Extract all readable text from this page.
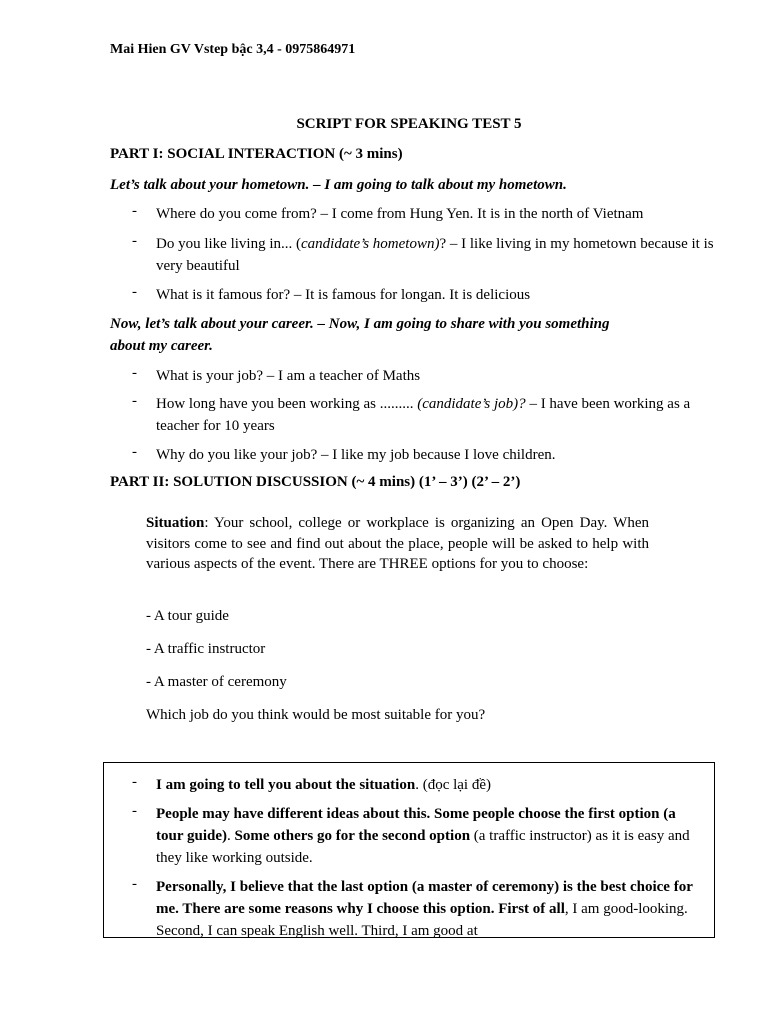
Mai Hien GV Vstep bậc 3,4 - 0975864971
SCRIPT FOR SPEAKING TEST 5
PART I: SOCIAL INTERACTION (~ 3 mins)
Let’s talk about your hometown. – I am going to talk about my hometown.
- Where do you come from? – I come from Hung Yen. It is in the north of Vietnam
- Do you like living in... (candidate’s hometown)? – I like living in my hometown because it is very beautiful
- What is it famous for? – It is famous for longan. It is delicious
Now, let’s talk about your career. – Now, I am going to share with you something
about my career.
- What is your job? – I am a teacher of Maths
- How long have you been working as ......... (candidate’s job)? – I have been working as a teacher for 10 years
- Why do you like your job? – I like my job because I love children.
PART II: SOLUTION DISCUSSION (~ 4 mins) (1’ – 3’) (2’ – 2’)
Situation: Your school, college or workplace is organizing an Open Day. When visitors come to see and find out about the place, people will be asked to help with various aspects of the event. There are THREE options for you to choose:
- A tour guide
- A traffic instructor
- A master of ceremony
Which job do you think would be most suitable for you?
- I am going to tell you about the situation. (đọc lại đề)
- People may have different ideas about this. Some people choose the first option (a tour guide). Some others go for the second option (a traffic instructor) as it is easy and they like working outside.
- Personally, I believe that the last option (a master of ceremony) is the best choice for me. There are some reasons why I choose this option. First of all, I am good-looking. Second, I can speak English well. Third, I am good at
